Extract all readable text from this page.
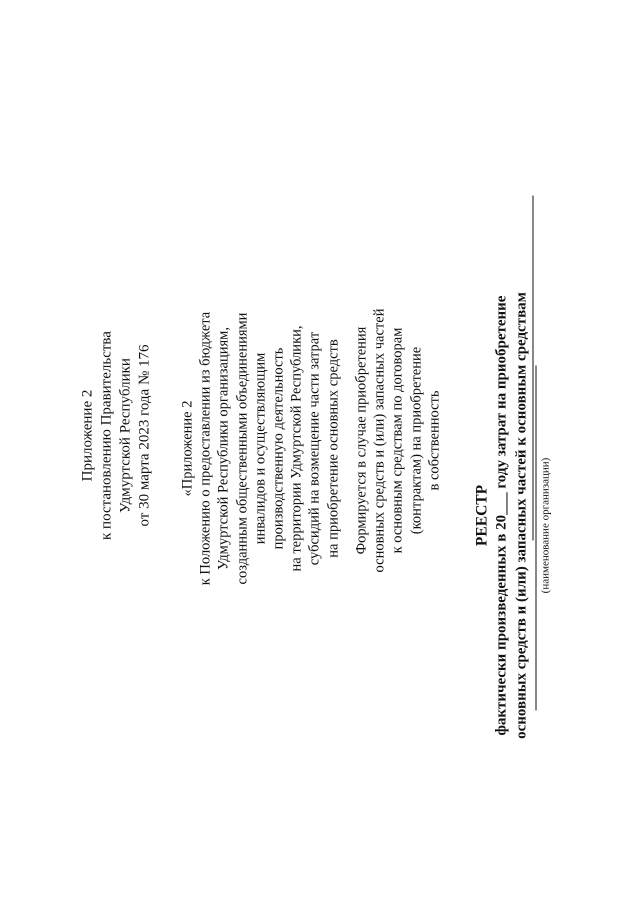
Приложение 2 к постановлению Правительства Удмуртской Республики от 30 марта 2023 года № 176 «Приложение 2 к Положению о предоставлении из бюджета Удмуртской Республики организациям, созданным общественными объединениями инвалидов и осуществляющим производственную деятельность на территории Удмуртской Республики, субсидий на возмещение части затрат на приобретение основных средств Формируется в случае приобретения основных средств и (или) запасных частей к основным средствам по договорам (контрактам) на приобретение в собственность
РЕЕСТР фактически произведенных в 20___ году затрат на приобретение основных средств и (или) запасных частей к основным средствам (наименование организации)
